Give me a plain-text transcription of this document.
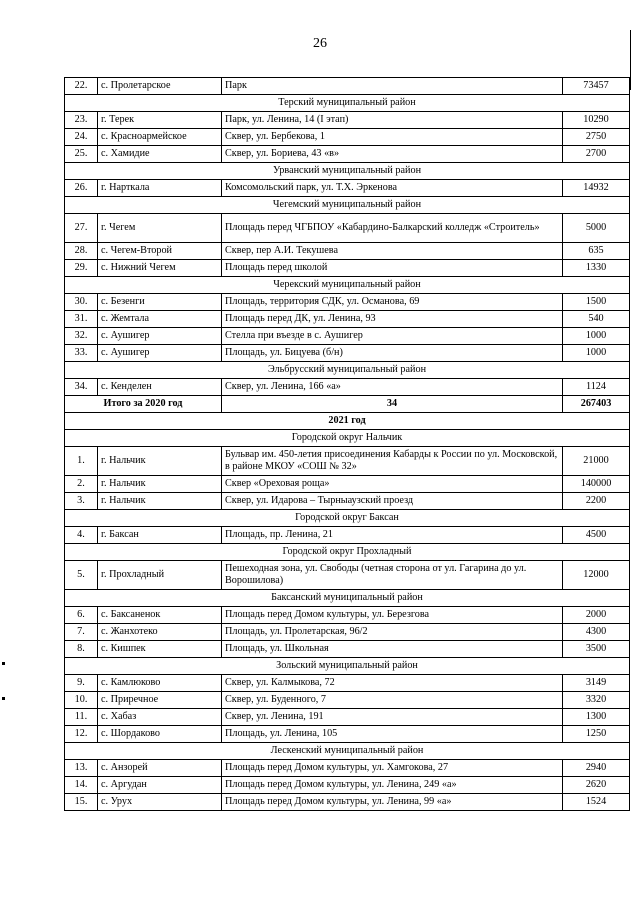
26
22.	с. Пролетарское	Парк	73457
Терский муниципальный район			
23.	г. Терек	Парк, ул. Ленина, 14 (I этап)	10290
24.	с. Красноармейское	Сквер, ул. Бербекова, 1	2750
25.	с. Хамидие	Сквер, ул. Бориева, 43 «в»	2700
Урванский муниципальный район			
26.	г. Нарткала	Комсомольский парк, ул. Т.Х. Эркенова	14932
Чегемский муниципальный район			
27.	г. Чегем	Площадь перед ЧГБПОУ «Кабардино-Балкарский колледж «Строитель»	5000
28.	с. Чегем-Второй	Сквер, пер А.И. Текушева	635
29.	с. Нижний Чегем	Площадь перед школой	1330
Черекский муниципальный район			
30.	с. Безенги	Площадь, территория СДК, ул. Османова, 69	1500
31.	с. Жемтала	Площадь перед ДК, ул. Ленина, 93	540
32.	с. Аушигер	Стелла при въезде в с. Аушигер	1000
33.	с. Аушигер	Площадь, ул. Бицуева (б/н)	1000
Эльбрусский муниципальный район			
34.	с. Кенделен	Сквер, ул. Ленина, 166 «а»	1124
Итого за 2020 год		34	267403
2021 год			
Городской округ Нальчик			
1.	г. Нальчик	Бульвар им. 450-летия присоединения Кабарды к России по ул. Московской, в районе МКОУ «СОШ № 32»	21000
2.	г. Нальчик	Сквер «Ореховая роща»	140000
3.	г. Нальчик	Сквер, ул. Идарова – Тырныаузский проезд	2200
Городской округ Баксан			
4.	г. Баксан	Площадь, пр. Ленина, 21	4500
Городской округ Прохладный			
5.	г. Прохладный	Пешеходная зона, ул. Свободы (четная сторона от ул. Гагарина до ул. Ворошилова)	12000
Баксанский муниципальный район			
6.	с. Баксаненок	Площадь перед Домом культуры, ул. Березгова	2000
7.	с. Жанхотеко	Площадь, ул. Пролетарская, 96/2	4300
8.	с. Кишпек	Площадь, ул. Школьная	3500
Зольский муниципальный район			
9.	с. Камлюково	Сквер, ул. Калмыкова, 72	3149
10.	с. Приречное	Сквер, ул. Буденного, 7	3320
11.	с. Хабаз	Сквер, ул. Ленина, 191	1300
12.	с. Шордаково	Площадь, ул. Ленина, 105	1250
Лескенский муниципальный район			
13.	с. Анзорей	Площадь перед Домом культуры, ул. Хамгокова, 27	2940
14.	с. Аргудан	Площадь перед Домом культуры, ул. Ленина, 249 «а»	2620
15.	с. Урух	Площадь перед Домом культуры, ул. Ленина, 99 «а»	1524
